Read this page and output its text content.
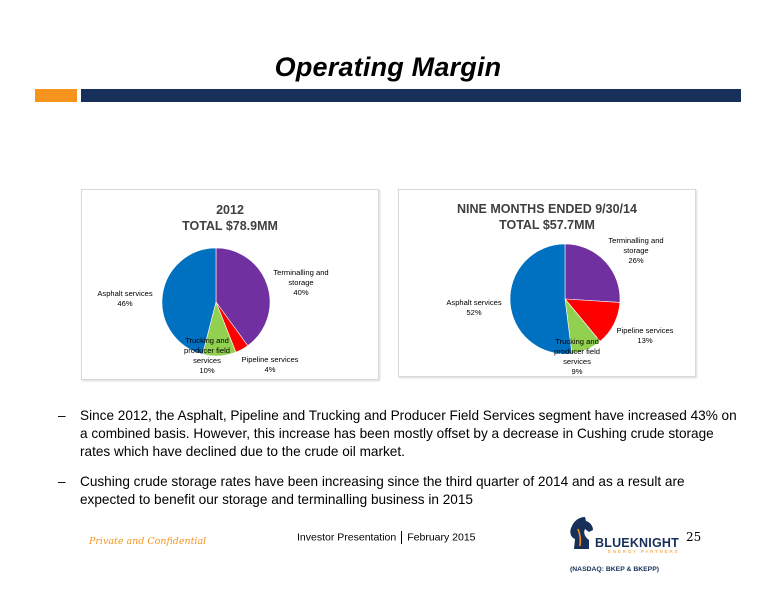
Operating Margin
2012
TOTAL $78.9MM
Terminalling and
storage
40%
Pipeline services
4%
Trucking and
producer field
services
10%
Asphalt services
46%
NINE MONTHS ENDED 9/30/14
TOTAL $57.7MM
Terminalling and
storage
26%
Pipeline services
13%
Trucking and
producer field
services
9%
Asphalt services
52%
– Since 2012, the Asphalt, Pipeline and Trucking and Producer Field Services segment have increased 43% on a combined basis. However, this increase has been mostly offset by a decrease in Cushing crude storage rates which have declined due to the crude oil market.
– Cushing crude storage rates have been increasing since the third quarter of 2014 and as a result are expected to benefit our storage and terminalling business in 2015
Private and Confidential	Investor Presentation February 2015	BLUEKNIGHT
ENERGY PARTNERS
(NASDAQ: BKEP & BKEPP)
25
